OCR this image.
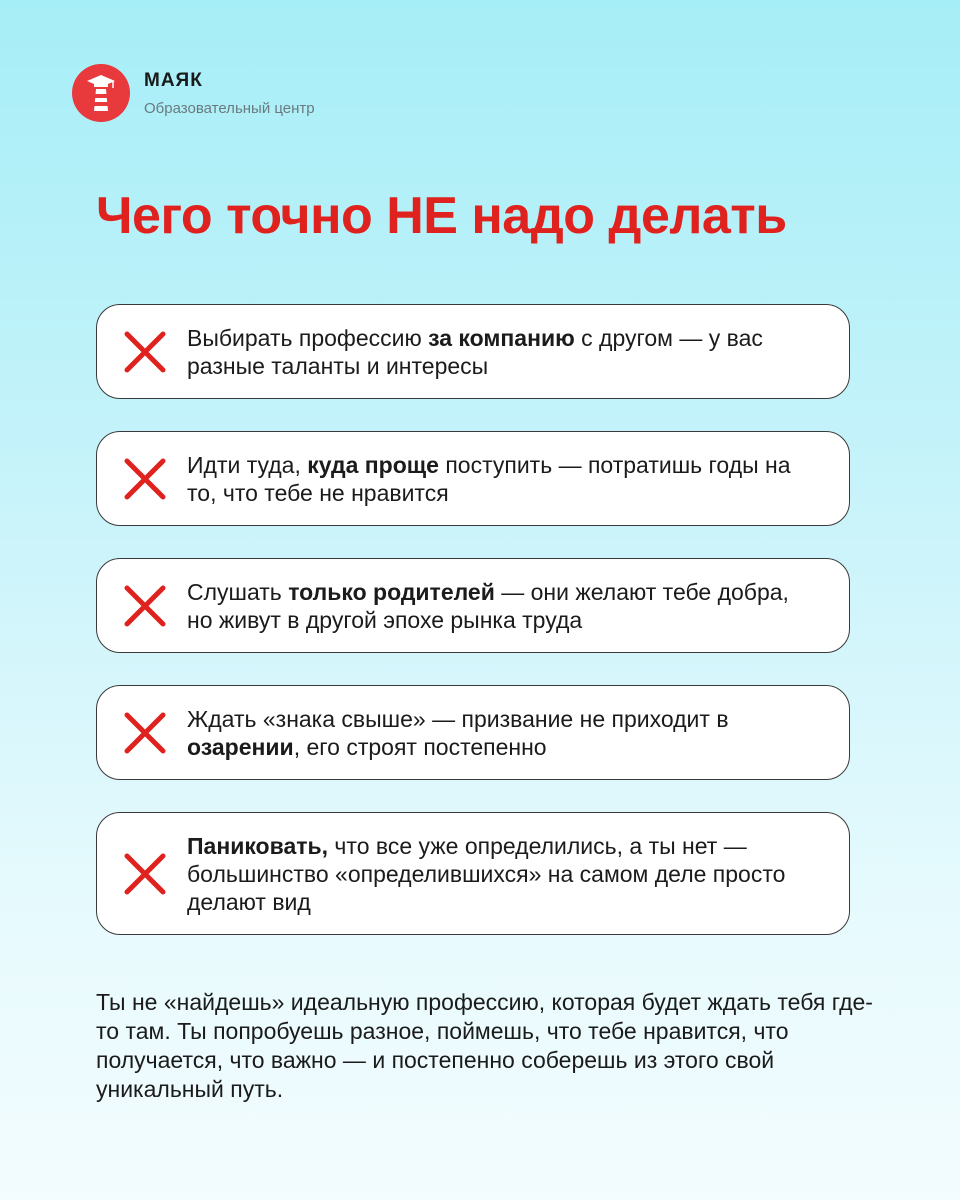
МАЯК
Образовательный центр
Чего точно НЕ надо делать
Выбирать профессию за компанию с другом — у вас разные таланты и интересы
Идти туда, куда проще поступить — потратишь годы на то, что тебе не нравится
Слушать только родителей — они желают тебе добра, но живут в другой эпохе рынка труда
Ждать «знака свыше» — призвание не приходит в озарении, его строят постепенно
Паниковать, что все уже определились, а ты нет — большинство «определившихся» на самом деле просто делают вид

Ты не «найдешь» идеальную профессию, которая будет ждать тебя где-то там. Ты попробуешь разное, поймешь, что тебе нравится, что получается, что важно — и постепенно соберешь из этого свой уникальный путь.
